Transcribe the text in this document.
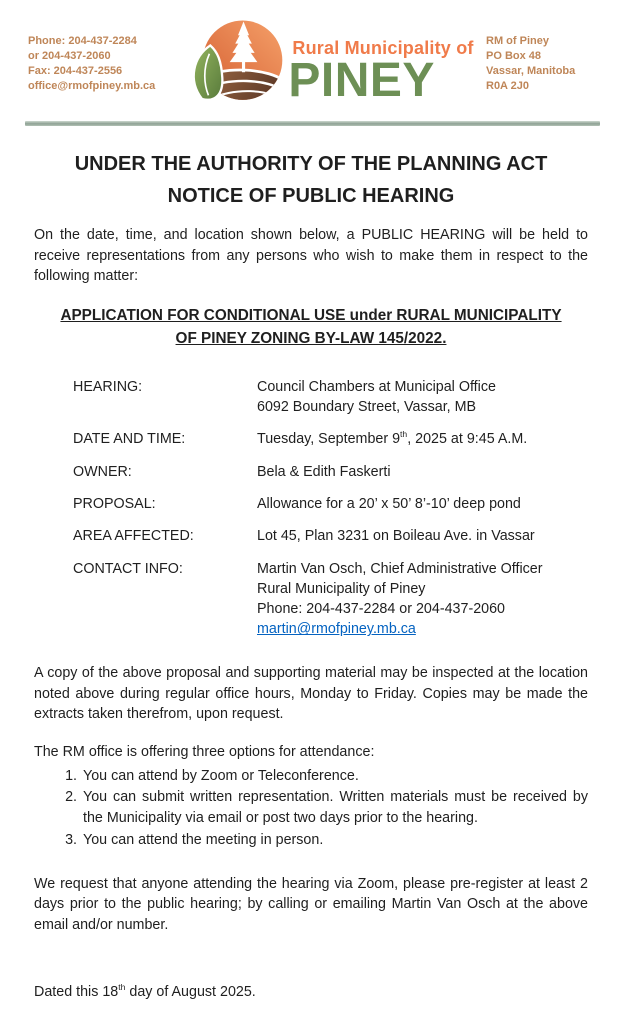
Phone: 204-437-2284
or 204-437-2060
Fax: 204-437-2556
office@rmofpiney.mb.ca
Rural Municipality of
PINEY
RM of Piney
PO Box 48
Vassar, Manitoba
R0A 2J0
UNDER THE AUTHORITY OF THE PLANNING ACT
NOTICE OF PUBLIC HEARING

On the date, time, and location shown below, a PUBLIC HEARING will be held to receive representations from any persons who wish to make them in respect to the following matter:

APPLICATION FOR CONDITIONAL USE under RURAL MUNICIPALITY OF PINEY ZONING BY-LAW 145/2022.
HEARING:	Council Chambers at Municipal Office
6092 Boundary Street, Vassar, MB
DATE AND TIME:	Tuesday, September 9th, 2025 at 9:45 A.M.
OWNER:	Bela & Edith Faskerti
PROPOSAL:	Allowance for a 20’ x 50’ 8’-10’ deep pond
AREA AFFECTED:	Lot 45, Plan 3231 on Boileau Ave. in Vassar
CONTACT INFO:	Martin Van Osch, Chief Administrative Officer
Rural Municipality of Piney
Phone: 204-437-2284 or 204-437-2060
martin@rmofpiney.mb.ca

A copy of the above proposal and supporting material may be inspected at the location noted above during regular office hours, Monday to Friday. Copies may be made the extracts taken therefrom, upon request.

The RM office is offering three options for attendance:

1. You can attend by Zoom or Teleconference.
2. You can submit written representation. Written materials must be received by the Municipality via email or post two days prior to the hearing.
3. You can attend the meeting in person.

We request that anyone attending the hearing via Zoom, please pre-register at least 2 days prior to the public hearing; by calling or emailing Martin Van Osch at the above email and/or number.

Dated this 18th day of August 2025.
